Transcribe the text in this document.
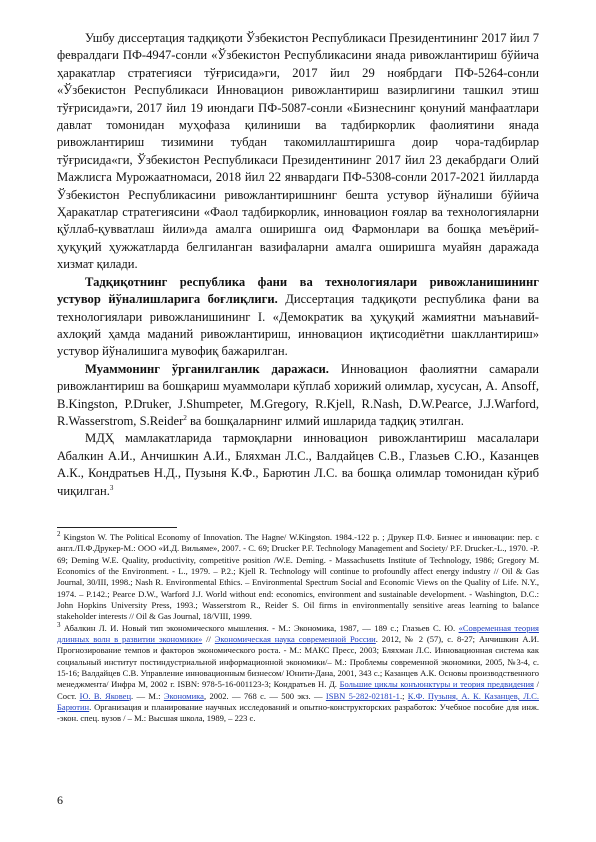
Ушбу диссертация тадқиқоти Ўзбекистон Республикаси Президентининг 2017 йил 7 февралдаги ПФ-4947-сонли «Ўзбекистон Республикасини янада ривожлантириш бўйича ҳаракатлар стратегияси тўғрисида»ги, 2017 йил 29 ноябрдаги ПФ-5264-сонли «Ўзбекистон Республикаси Инновацион ривожлантириш вазирлигини ташкил этиш тўғрисида»ги, 2017 йил 19 июндаги ПФ-5087-сонли «Бизнеснинг қонуний манфаатлари давлат томонидан муҳофаза қилиниши ва тадбиркорлик фаолиятини янада ривожлантириш тизимини тубдан такомиллаштиришга доир чора-тадбирлар тўғрисида«ги, Ўзбекистон Республикаси Президентининг 2017 йил 23 декабрдаги Олий Мажлисга Мурожаатномаси, 2018 йил 22 январдаги ПФ-5308-сонли 2017-2021 йилларда Ўзбекистон Республикасини ривожлантиришнинг бешта устувор йўналиши бўйича Ҳаракатлар стратегиясини «Фаол тадбиркорлик, инновацион ғоялар ва технологияларни қўллаб-қувватлаш йили»да амалга оширишга оид Фармонлари ва бошқа меъёрий-ҳуқуқий ҳужжатларда белгиланган вазифаларни амалга оширишга муайян даражада хизмат қилади.

Тадқиқотнинг республика фани ва технологиялари ривожланишининг устувор йўналишларига боғлиқлиги. Диссертация тадқиқоти республика фани ва технологиялари ривожланишининг I. «Демократик ва ҳуқуқий жамиятни маънавий-ахлоқий ҳамда маданий ривожлантириш, инновацион иқтисодиётни шакллантириш» устувор йўналишига мувофиқ бажарилган.

Муаммонинг ўрганилганлик даражаси. Инновацион фаолиятни самарали ривожлантириш ва бошқариш муаммолари кўплаб хорижий олимлар, хусусан, А. Ansoff, B.Kingston, P.Druker, J.Shumpeter, M.Gregory, R.Kjell, R.Nash, D.W.Pearce, J.J.Warford, R.Wasserstrom, S.Reider$^2$ ва бошқаларнинг илмий ишларида тадқиқ этилган.

МДҲ мамлакатларида тармоқларни инновацион ривожлантириш масалалари Абалкин А.И., Анчишкин А.И., Бляхман Л.С., Валдайцев С.В., Глазьев С.Ю., Казанцев А.К., Кондратьев Н.Д., Пузыня К.Ф., Барютин Л.С. ва бошқа олимлар томонидан кўриб чиқилган.$^3$

$^2$ Kingston W. The Political Economy of Innovation. The Hagne/ W.Kingston. 1984.-122 p. ; Друкер П.Ф. Бизнес и инновации: пер. с англ./П.Ф.Друкер-М.: ООО «И.Д. Вильяме», 2007. - С. 69; Drucker P.F. Technology Management and Society/ P.F. Drucker.-L., 1970. -P. 69; Deming W.E. Quality, productivity, competitive position /W.E. Deming. - Massachusetts Institute of Technology, 1986; Gregory M. Economics of the Environment. - L., 1979. – P.2.; Kjell R. Technology will continue to profoundly affect energy industry // Oil & Gas Journal, 30/III, 1998.; Nash R. Environmental Ethics. – Environmental Spectrum Social and Economic Views on the Quality of Life. N.Y., 1974. – P.142.; Pearce D.W., Warford J.J. World without end: economics, environment and sustainable development. - Washington, D.C.: John Hopkins University Press, 1993.; Wasserstrom R., Reider S. Oil firms in environmentally sensitive areas learning to balance stakeholder interests // Oil & Gas Journal, 18/VIII, 1999.

$^3$ Абалкин Л. И. Новый тип экономического мышления. - М.: Экономика, 1987, — 189 с.; Глазьев С. Ю. «Современная теория длинных волн в развитии экономики» // Экономическая наука современной России. 2012, № 2 (57), с. 8-27; Анчишкин А.И. Прогнозирование темпов и факторов экономического роста. - М.: МАКС Пресс, 2003; Бляхман Л.С. Инновационная система как социальный институт постиндустриальной информационной экономики/– М.: Проблемы современной экономики, 2005, №3-4, с. 15-16; Валдайцев С.В. Управление инновационным бизнесом/ Юнити-Дана, 2001, 343 с.; Казанцев А.К. Основы производственного менеджмента/ Инфра М, 2002 г. ISBN: 978-5-16-001123-3; Кондратьев Н. Д. Большие циклы конъюнктуры и теория предвидения / Сост. Ю. В. Яковец. — М.: Экономика, 2002. — 768 с. — 500 экз. — ISBN 5-282-02181-1.; К.Ф. Пузыня, А. К. Казанцев, Л.С. Барютин. Организация и планирование научных исследований и опытно-конструкторских разработок: Учебное пособие для инж. -экон. спец. вузов / – М.: Высшая школа, 1989, – 223 с.

6
